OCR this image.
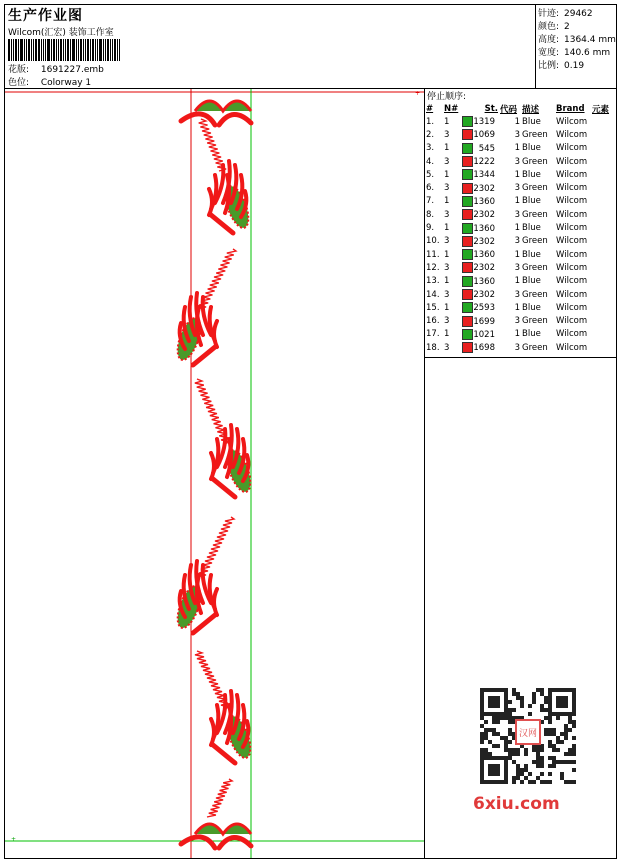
生产作业图
Wilcom(汇宏) 装饰工作室
花版: 1691227.emb
色位: Colorway 1
针迹: 29462
颜色: 2
高度: 1364.4 mm
宽度: 140.6 mm
比例: 0.19
+
+ 停止顺序:
#	N#	St.	代码	描述	Brand	元素
1.	1	1319	1	Blue	Wilcom	
2.	3	1069	3	Green	Wilcom	
3.	1	545	1	Blue	Wilcom	
4.	3	1222	3	Green	Wilcom	
5.	1	1344	1	Blue	Wilcom	
6.	3	2302	3	Green	Wilcom	
7.	1	1360	1	Blue	Wilcom	
8.	3	2302	3	Green	Wilcom	
9.	1	1360	1	Blue	Wilcom	
10.	3	2302	3	Green	Wilcom	
11.	1	1360	1	Blue	Wilcom	
12.	3	2302	3	Green	Wilcom	
13.	1	1360	1	Blue	Wilcom	
14.	3	2302	3	Green	Wilcom	
15.	1	2593	1	Blue	Wilcom	
16.	3	1699	3	Green	Wilcom	
17.	1	1021	1	Blue	Wilcom	
18.	3	1698	3	Green	Wilcom	
汉网
6xiu.com
